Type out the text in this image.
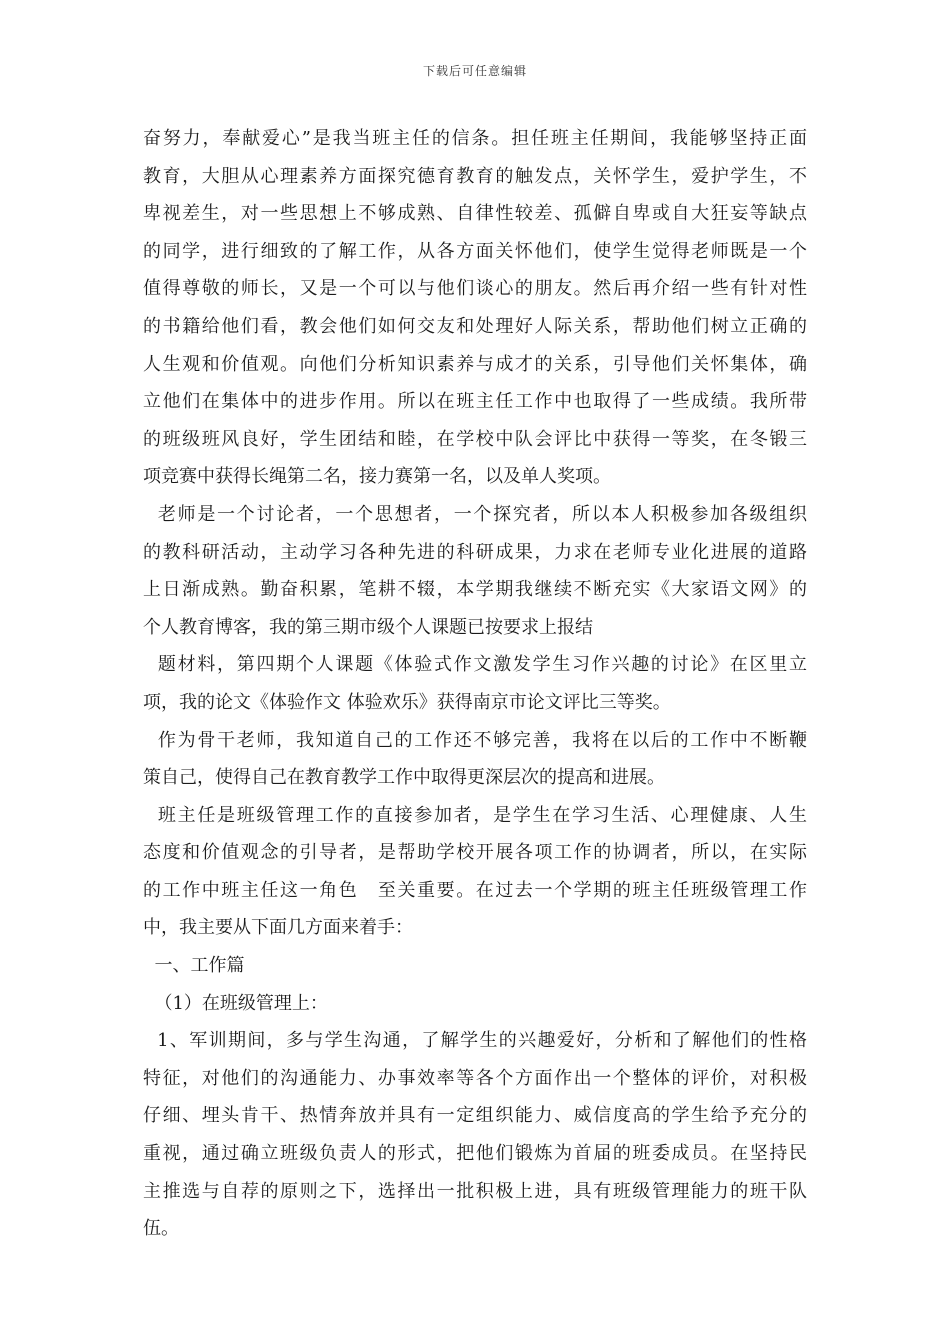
下载后可任意编辑
奋努力，奉献爱心”是我当班主任的信条。担任班主任期间，我能够坚持正面
教育，大胆从心理素养方面探究德育教育的触发点，关怀学生，爱护学生，不
卑视差生，对一些思想上不够成熟、自律性较差、孤僻自卑或自大狂妄等缺点
的同学，进行细致的了解工作，从各方面关怀他们，使学生觉得老师既是一个
值得尊敬的师长，又是一个可以与他们谈心的朋友。然后再介绍一些有针对性
的书籍给他们看，教会他们如何交友和处理好人际关系，帮助他们树立正确的
人生观和价值观。向他们分析知识素养与成才的关系，引导他们关怀集体，确
立他们在集体中的进步作用。所以在班主任工作中也取得了一些成绩。我所带
的班级班风良好，学生团结和睦，在学校中队会评比中获得一等奖，在冬锻三
项竞赛中获得长绳第二名，接力赛第一名，以及单人奖项。
老师是一个讨论者，一个思想者，一个探究者，所以本人积极参加各级组织
的教科研活动，主动学习各种先进的科研成果，力求在老师专业化进展的道路
上日渐成熟。勤奋积累，笔耕不辍，本学期我继续不断充实《大家语文网》的
个人教育博客，我的第三期市级个人课题已按要求上报结
题材料，第四期个人课题《体验式作文激发学生习作兴趣的讨论》在区里立
项，我的论文《体验作文 体验欢乐》获得南京市论文评比三等奖。
作为骨干老师，我知道自己的工作还不够完善，我将在以后的工作中不断鞭
策自己，使得自己在教育教学工作中取得更深层次的提高和进展。
班主任是班级管理工作的直接参加者，是学生在学习生活、心理健康、人生
态度和价值观念的引导者，是帮助学校开展各项工作的协调者，所以，在实际
的工作中班主任这一角色　至关重要。在过去一个学期的班主任班级管理工作
中，我主要从下面几方面来着手：
一、工作篇
（1）在班级管理上：
1、军训期间，多与学生沟通，了解学生的兴趣爱好，分析和了解他们的性格
特征，对他们的沟通能力、办事效率等各个方面作出一个整体的评价，对积极
仔细、埋头肯干、热情奔放并具有一定组织能力、威信度高的学生给予充分的
重视，通过确立班级负责人的形式，把他们锻炼为首届的班委成员。在坚持民
主推选与自荐的原则之下，选择出一批积极上进，具有班级管理能力的班干队
伍。
